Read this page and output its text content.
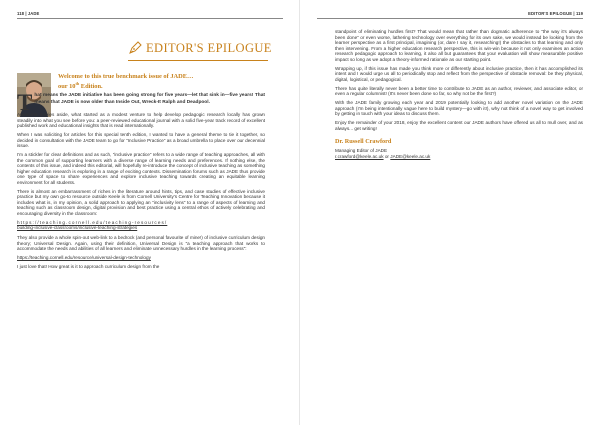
118 | JADE
EDITOR'S EPILOGUE
Welcome to this true benchmark issue of JADE…
our 10th Edition.

T hat means the JADE initiative has been going strong for five years—let that sink in—five years! That means that JADE is now older than Inside Out, Wreck-It Ralph and Deadpool.

Awesome movies aside, what started as a modest venture to help develop pedagogic research locally has grown steadily into what you see before you: a peer-reviewed educational journal with a solid five-year track record of excellent published work and educational insights that is read internationally.

When I was soliciting for articles for this special tenth edition, I wanted to have a general theme to tie it together, so decided in consultation with the JADE team to go for “Inclusive Practice” as a broad umbrella to place over our decennial issue.

I'm a stickler for clear definitions and as such, “inclusive practice” refers to a wide range of teaching approaches, all with the common goal of supporting learners with a diverse range of learning needs and preferences. If nothing else, the contents of this issue, and indeed this editorial, will hopefully re-introduce the concept of inclusive teaching as something higher education research is exploring in a range of exciting contexts. Dissemination forums such as JADE thus provide one type of space to share experiences and explore inclusive teaching towards creating an equitable learning environment for all students.

There is almost an embarrassment of riches in the literature around hints, tips, and case studies of effective inclusive practice but my own go-to resource outside Keele is from Cornell University's Centre for Teaching Innovation because it includes what is, in my opinion, a solid approach to applying an “inclusivity lens” to a range of aspects of learning and teaching such as classroom design, digital provision and best practice using a central ethos of actively celebrating and encouraging diversity in the classroom:

https://teaching.cornell.edu/teaching-resources/
building-inclusive-classrooms/inclusive-teaching-strategies

They also provide a whole spin-out web-link to a bedrock (and personal favourite of mine!) of inclusive curriculum design theory; Universal Design. Again, using their definition, Universal Design is “a teaching approach that works to accommodate the needs and abilities of all learners and eliminate unnecessary hurdles in the learning process”:

https://teaching.cornell.edu/resource/universal-design-technology

I just love that! How great is it to approach curriculum design from the

EDITOR'S EPILOGUE | 119

standpoint of eliminating hurdles first? That would mean that rather than dogmatic adherence to “the way it's always been done” or even worse, lathering technology over everything for its own sake, we would instead be looking from the learner perspective as a first principal, imagining (or, dare I say it, researching!) the obstacles to that learning and only then intervening. From a higher education research perspective, this is win-win because it not only examines an action research pedagogic approach to learning, it also all but guarantees that your evaluation will show measurable positive impact so long as we adopt a theory-informed rationale as our starting point.

Wrapping up, if this issue has made you think more or differently about inclusive practice, then it has accomplished its intent and I would urge us all to periodically stop and reflect from the perspective of obstacle removal: be they physical, digital, logistical, or pedagogical.

There has quite literally never been a better time to contribute to JADE as an author, reviewer, and associate editor, or even a regular columnist! (It's never been done so far, so why not be the first?)

With the JADE family growing each year and 2019 potentially looking to add another novel variation on the JADE approach (I'm being intentionally vague here to build mystery—go with it!), why not think of a novel way to get involved by getting in touch with your ideas to discuss them.

Enjoy the remainder of your 2018, enjoy the excellent content our JADE authors have offered us all to mull over, and as always... get writing!

Dr. Russell Crawford

Managing Editor of JADE

r.crawford@keele.ac.uk or JADE@keele.ac.uk
